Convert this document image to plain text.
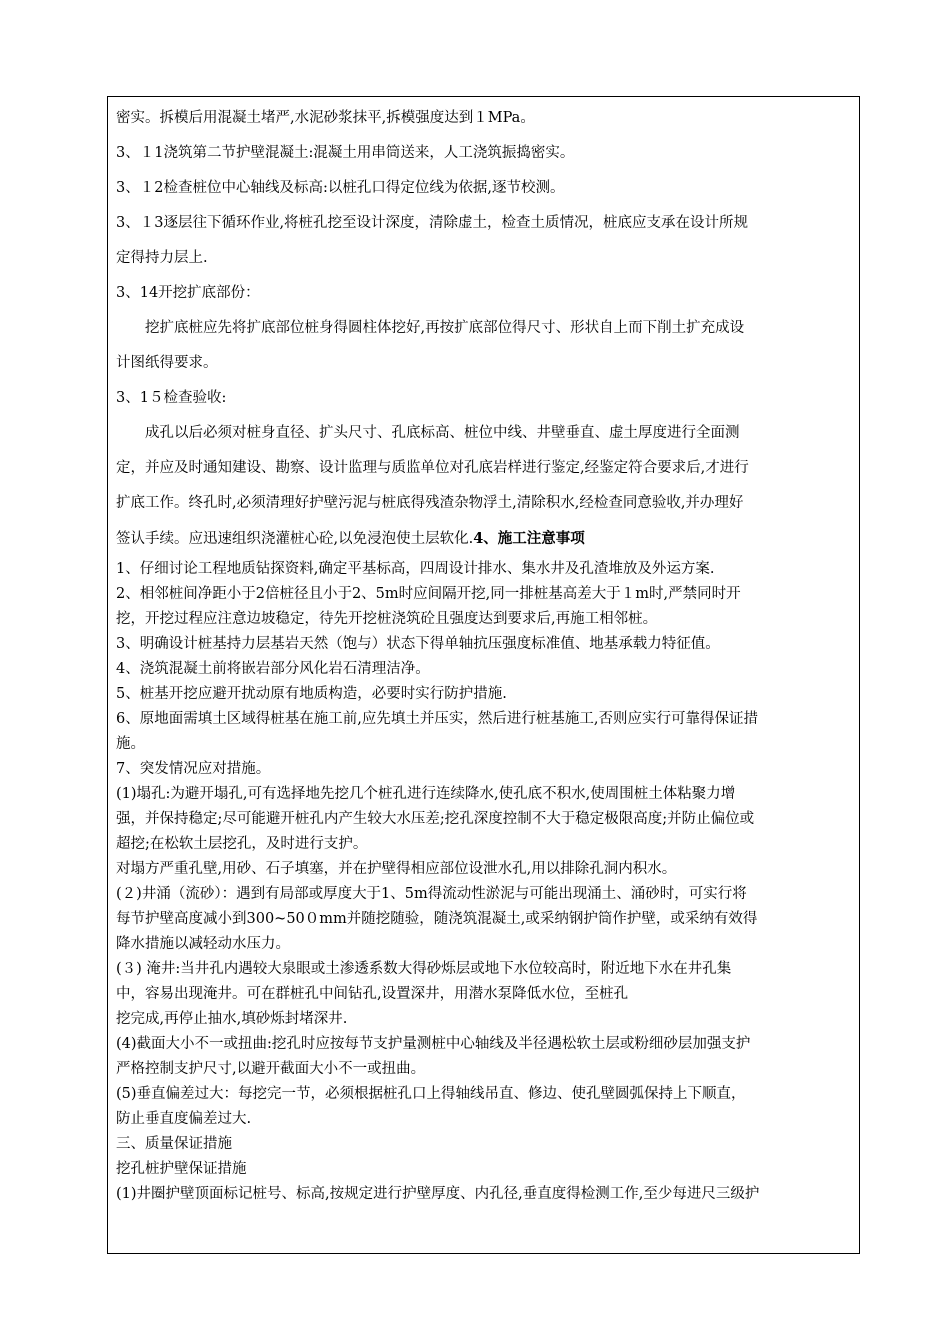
密实。拆模后用混凝土堵严,水泥砂浆抹平,拆模强度达到１MPa。

3、１1浇筑第二节护壁混凝土:混凝土用串筒送来，人工浇筑振捣密实。

3、１2检查桩位中心轴线及标高:以桩孔口得定位线为依据,逐节校测。

3、１3逐层往下循环作业,将桩孔挖至设计深度，清除虚土，检查土质情况，桩底应支承在设计所规

定得持力层上.

3、14开挖扩底部份：

挖扩底桩应先将扩底部位桩身得圆柱体挖好,再按扩底部位得尺寸、形状自上而下削土扩充成设

计图纸得要求。

3、1５检查验收:

成孔以后必须对桩身直径、扩头尺寸、孔底标高、桩位中线、井壁垂直、虚土厚度进行全面测

定，并应及时通知建设、勘察、设计监理与质监单位对孔底岩样进行鉴定,经鉴定符合要求后,才进行

扩底工作。终孔时,必须清理好护壁污泥与桩底得残渣杂物浮土,清除积水,经检查同意验收,并办理好

签认手续。应迅速组织浇灌桩心砼,以免浸泡使土层软化.4、施工注意事项

1、仔细讨论工程地质钻探资料,确定平基标高，四周设计排水、集水井及孔渣堆放及外运方案.

2、相邻桩间净距小于2倍桩径且小于2、5m时应间隔开挖,同一排桩基高差大于１m时,严禁同时开

挖，开挖过程应注意边坡稳定，待先开挖桩浇筑砼且强度达到要求后,再施工相邻桩。

3、明确设计桩基持力层基岩天然（饱与）状态下得单轴抗压强度标准值、地基承载力特征值。

4、浇筑混凝土前将嵌岩部分风化岩石清理洁净。

5、桩基开挖应避开扰动原有地质构造，必要时实行防护措施.

6、原地面需填土区域得桩基在施工前,应先填土并压实，然后进行桩基施工,否则应实行可靠得保证措

施。

7、突发情况应对措施。

(1)塌孔:为避开塌孔,可有选择地先挖几个桩孔进行连续降水,使孔底不积水,使周围桩土体粘聚力增

强，并保持稳定;尽可能避开桩孔内产生较大水压差;挖孔深度控制不大于稳定极限高度;并防止偏位或

超挖;在松软土层挖孔，及时进行支护。

对塌方严重孔壁,用砂、石子填塞，并在护壁得相应部位设泄水孔,用以排除孔洞内积水。

(２)井涌（流砂）：遇到有局部或厚度大于1、5m得流动性淤泥与可能出现涌土、涌砂时，可实行将

每节护壁高度减小到300~50０mm并随挖随验，随浇筑混凝土,或采纳钢护筒作护壁，或采纳有效得

降水措施以减轻动水压力。

(３) 淹井:当井孔内遇较大泉眼或土渗透系数大得砂烁层或地下水位较高时，附近地下水在井孔集

中，容易出现淹井。可在群桩孔中间钻孔,设置深井，用潜水泵降低水位，至桩孔

挖完成,再停止抽水,填砂烁封堵深井.

(4)截面大小不一或扭曲:挖孔时应按每节支护量测桩中心轴线及半径遇松软土层或粉细砂层加强支护

严格控制支护尺寸,以避开截面大小不一或扭曲。

(5)垂直偏差过大：每挖完一节，必须根据桩孔口上得轴线吊直、修边、使孔壁圆弧保持上下顺直，

防止垂直度偏差过大.

三、质量保证措施

挖孔桩护壁保证措施

(1)井圈护壁顶面标记桩号、标高,按规定进行护壁厚度、内孔径,垂直度得检测工作,至少每进尺三级护
